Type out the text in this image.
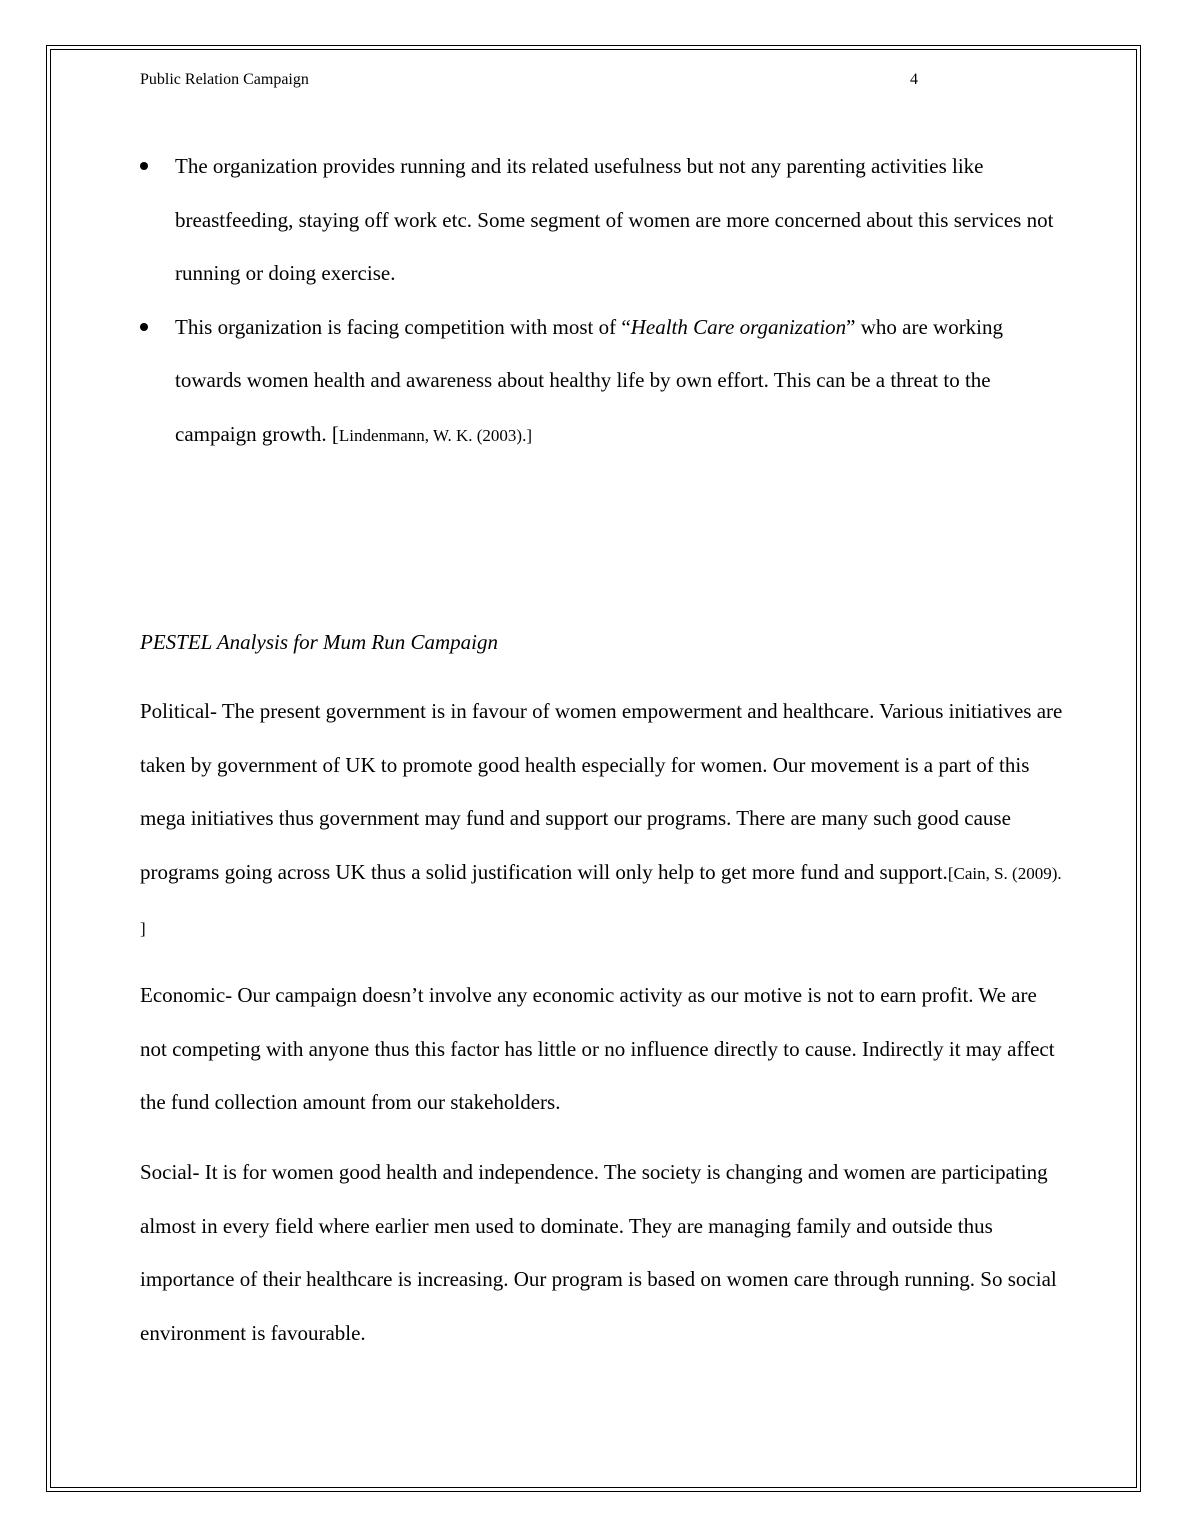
Public Relation Campaign	4
The organization provides running and its related usefulness but not any parenting activities like breastfeeding, staying off work etc. Some segment of women are more concerned about this services not running or doing exercise.
This organization is facing competition with most of “Health Care organization” who are working towards women health and awareness about healthy life by own effort. This can be a threat to the campaign growth. [Lindenmann, W. K. (2003).]
PESTEL Analysis for Mum Run Campaign

Political- The present government is in favour of women empowerment and healthcare. Various initiatives are taken by government of UK to promote good health especially for women. Our movement is a part of this mega initiatives thus government may fund and support our programs. There are many such good cause programs going across UK thus a solid justification will only help to get more fund and support.[Cain, S. (2009). ]

Economic- Our campaign doesn’t involve any economic activity as our motive is not to earn profit. We are not competing with anyone thus this factor has little or no influence directly to cause. Indirectly it may affect the fund collection amount from our stakeholders.

Social- It is for women good health and independence. The society is changing and women are participating almost in every field where earlier men used to dominate. They are managing family and outside thus importance of their healthcare is increasing. Our program is based on women care through running. So social environment is favourable.
